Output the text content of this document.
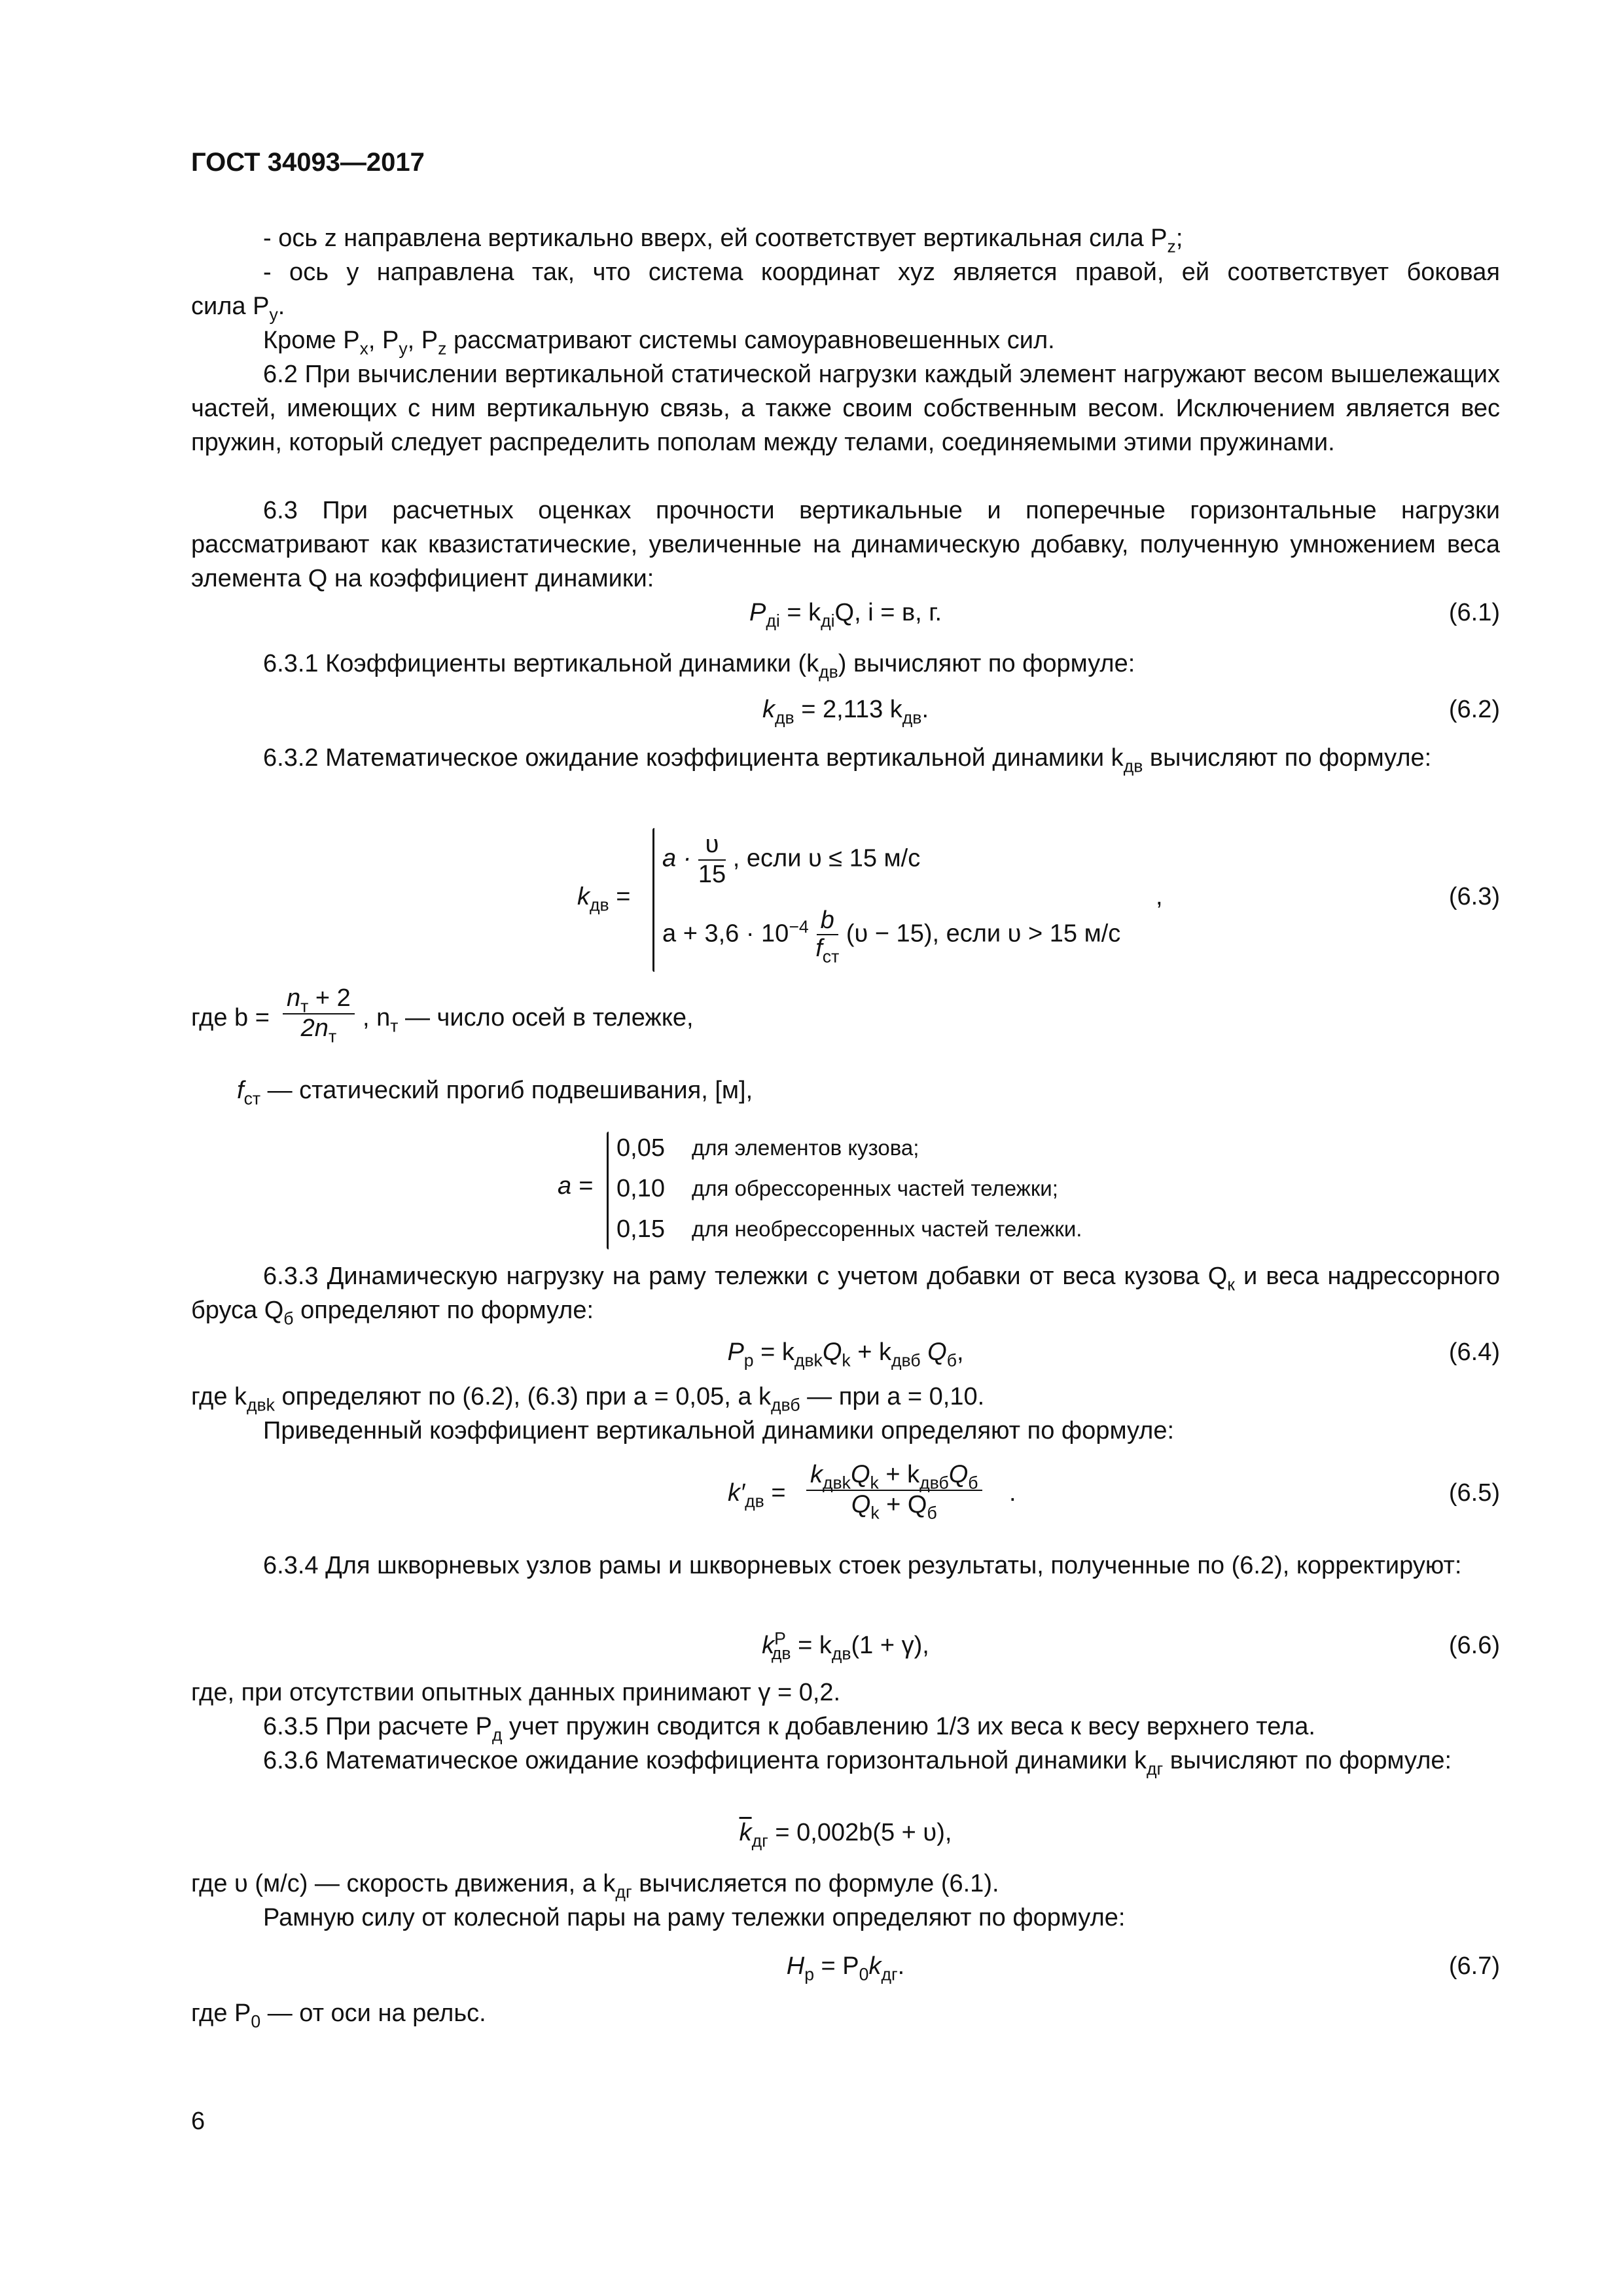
ГОСТ 34093—2017
- ось z направлена вертикально вверх, ей соответствует вертикальная сила $P_z$;
- ось y направлена так, что система координат xyz является правой, ей соответствует боковая
сила $P_y$.
Кроме $P_x$, $P_y$, $P_z$ рассматривают системы самоуравновешенных сил.
6.2 При вычислении вертикальной статической нагрузки каждый элемент нагружают весом вышележащих частей, имеющих с ним вертикальную связь, а также своим собственным весом. Исключением является вес пружин, который следует распределить пополам между телами, соединяемыми этими пружинами.
6.3 При расчетных оценках прочности вертикальные и поперечные горизонтальные нагрузки рассматривают как квазистатические, увеличенные на динамическую добавку, полученную умножением веса элемента Q на коэффициент динамики:
$P_{дi} = k_{дi}Q$, i = в, г.	(6.1)
6.3.1 Коэффициенты вертикальной динамики $(k_{дв})$ вычисляют по формуле:
$k_{дв} = 2,113$ $k_{дв}$.	(6.2)
6.3.2 Математическое ожидание коэффициента вертикальной динамики $k_{дв}$ вычисляют по формуле:
$k_{дв}$ =
$a \cdot \frac{\upsilon}{15}$ , если υ ≤ 15 м/с
$a + 3,6 \cdot 10^{-4} \frac{b}{f_{ст}} (\upsilon - 15)$, если υ > 15 м/с
,	(6.3)
где b =
$n_т + 2$
$2n_т$
, $n_т$ — число осей в тележке,
$f_{ст}$ — статический прогиб подвешивания, [м],
a =
0,05 для элементов кузова;
0,10 для обрессоренных частей тележки;
0,15 для необрессоренных частей тележки.
6.3.3 Динамическую нагрузку на раму тележки с учетом добавки от веса кузова $Q_к$ и веса надрессорного бруса $Q_б$ определяют по формуле:
$P_p = k_{двk}Q_k + k_{двб}$ $Q_б$,	(6.4)
где $k_{двk}$ определяют по (6.2), (6.3) при a = 0,05, а $k_{двб}$ — при a = 0,10.
Приведенный коэффициент вертикальной динамики определяют по формуле:
$k'_{дв}$ =
$k_{двk}Q_k + k_{двб}Q_б$
$Q_k + Q_б$
.	(6.5)
6.3.4 Для шкворневых узлов рамы и шкворневых стоек результаты, полученные по (6.2), корректируют:
$k^Р_{дв} = k_{дв}(1 + \gamma)$,	(6.6)
где, при отсутствии опытных данных принимают γ = 0,2.
6.3.5 При расчете $P_д$ учет пружин сводится к добавлению 1/3 их веса к весу верхнего тела.
6.3.6 Математическое ожидание коэффициента горизонтальной динамики $k_{дг}$ вычисляют по формуле:
$\overline{k}_{дг} = 0,002b(5 + \upsilon)$,
где υ (м/с) — скорость движения, а $k_{дг}$ вычисляется по формуле (6.1).
Рамную силу от колесной пары на раму тележки определяют по формуле:
$H_p = P_0k_{дг}$.	(6.7)
где $P_0$ — от оси на рельс.
6
